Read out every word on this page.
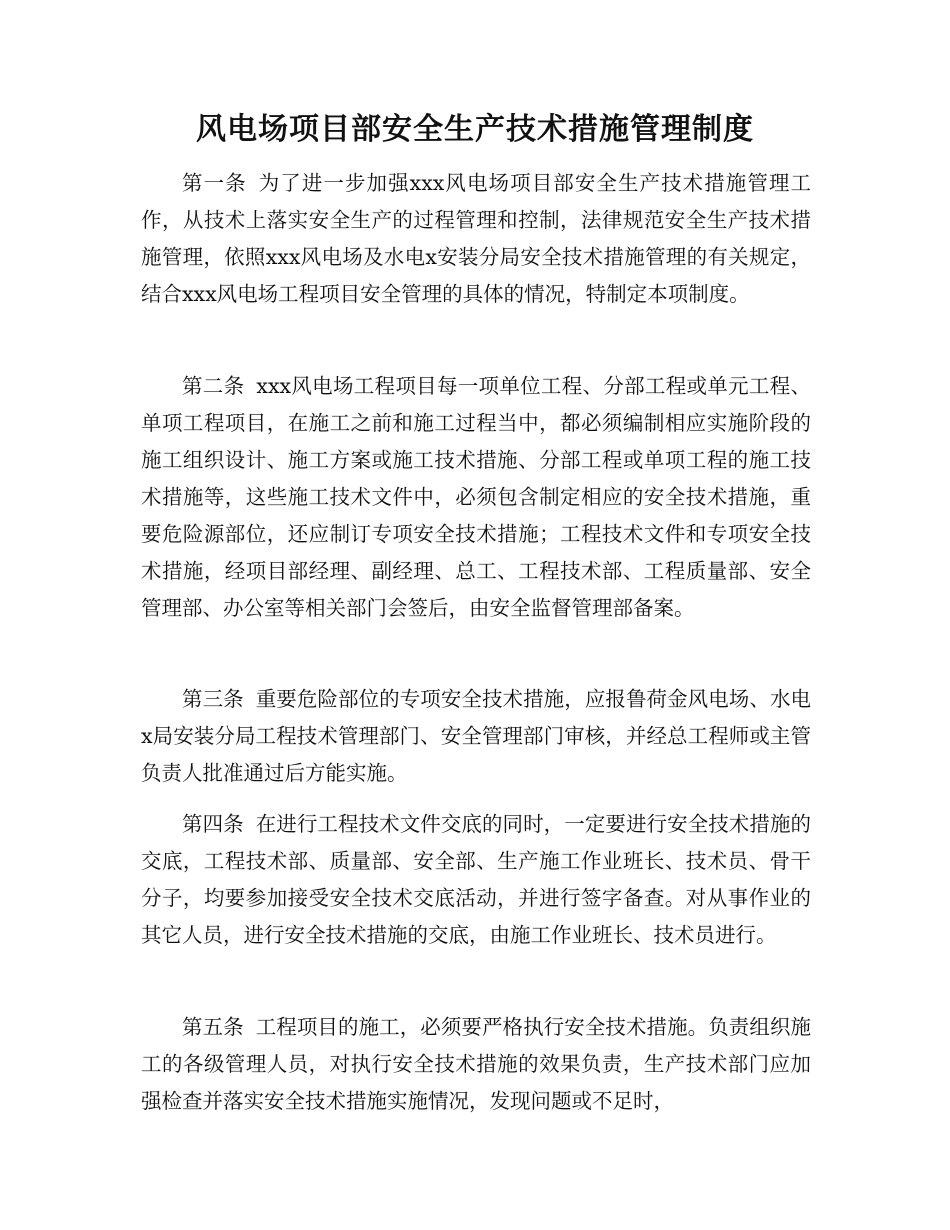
风电场项目部安全生产技术措施管理制度

第一条 为了进一步加强xxx风电场项目部安全生产技术措施管理工作，从技术上落实安全生产的过程管理和控制，法律规范安全生产技术措施管理，依照xxx风电场及水电x安装分局安全技术措施管理的有关规定，结合xxx风电场工程项目安全管理的具体的情况，特制定本项制度。

第二条 xxx风电场工程项目每一项单位工程、分部工程或单元工程、单项工程项目，在施工之前和施工过程当中，都必须编制相应实施阶段的施工组织设计、施工方案或施工技术措施、分部工程或单项工程的施工技术措施等，这些施工技术文件中，必须包含制定相应的安全技术措施，重要危险源部位，还应制订专项安全技术措施；工程技术文件和专项安全技术措施，经项目部经理、副经理、总工、工程技术部、工程质量部、安全管理部、办公室等相关部门会签后，由安全监督管理部备案。

第三条 重要危险部位的专项安全技术措施，应报鲁荷金风电场、水电x局安装分局工程技术管理部门、安全管理部门审核，并经总工程师或主管负责人批准通过后方能实施。

第四条 在进行工程技术文件交底的同时，一定要进行安全技术措施的交底，工程技术部、质量部、安全部、生产施工作业班长、技术员、骨干分子，均要参加接受安全技术交底活动，并进行签字备查。对从事作业的其它人员，进行安全技术措施的交底，由施工作业班长、技术员进行。

第五条 工程项目的施工，必须要严格执行安全技术措施。负责组织施工的各级管理人员，对执行安全技术措施的效果负责，生产技术部门应加强检查并落实安全技术措施实施情况，发现问题或不足时，
